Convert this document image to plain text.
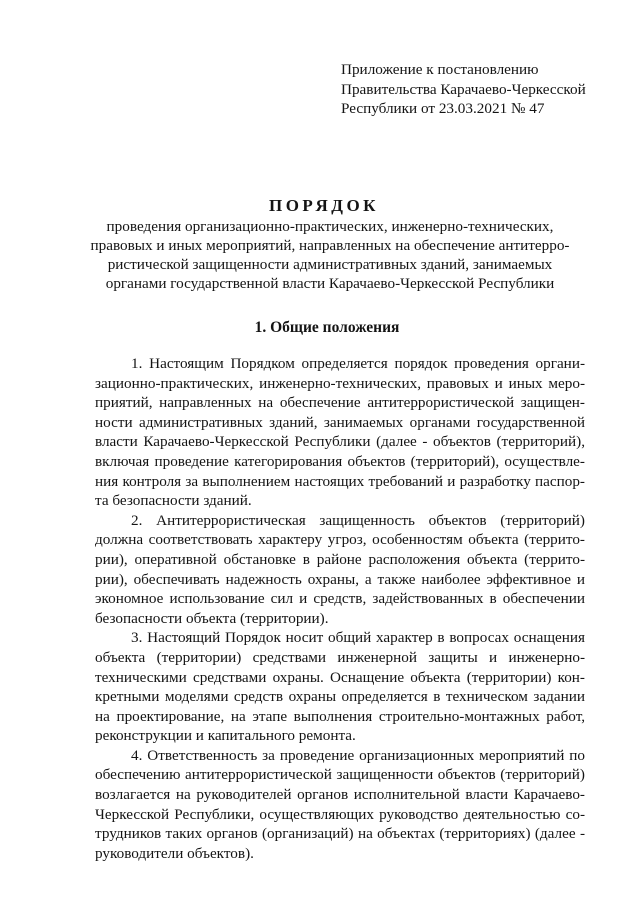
Приложение к постановлению
Правительства Карачаево-Черкесской
Республики от 23.03.2021 № 47
ПОРЯДОК
проведения организационно-практических, инженерно-технических,
правовых и иных мероприятий, направленных на обеспечение антитерро-
ристической защищенности административных зданий, занимаемых
органами государственной власти Карачаево-Черкесской Республики
1. Общие положения
1. Настоящим Порядком определяется порядок проведения органи-
зационно-практических, инженерно-технических, правовых и иных меро-
приятий, направленных на обеспечение антитеррористической защищен-
ности административных зданий, занимаемых органами государственной
власти Карачаево-Черкесской Республики (далее - объектов (территорий),
включая проведение категорирования объектов (территорий), осуществле-
ния контроля за выполнением настоящих требований и разработку паспор-
та безопасности зданий.
2. Антитеррористическая защищенность объектов (территорий)
должна соответствовать характеру угроз, особенностям объекта (террито-
рии), оперативной обстановке в районе расположения объекта (террито-
рии), обеспечивать надежность охраны, а также наиболее эффективное и
экономное использование сил и средств, задействованных в обеспечении
безопасности объекта (территории).
3. Настоящий Порядок носит общий характер в вопросах оснащения
объекта (территории) средствами инженерной защиты и инженерно-
техническими средствами охраны. Оснащение объекта (территории) кон-
кретными моделями средств охраны определяется в техническом задании
на проектирование, на этапе выполнения строительно-монтажных работ,
реконструкции и капитального ремонта.
4. Ответственность за проведение организационных мероприятий по
обеспечению антитеррористической защищенности объектов (территорий)
возлагается на руководителей органов исполнительной власти Карачаево-
Черкесской Республики, осуществляющих руководство деятельностью со-
трудников таких органов (организаций) на объектах (территориях) (далее -
руководители объектов).
